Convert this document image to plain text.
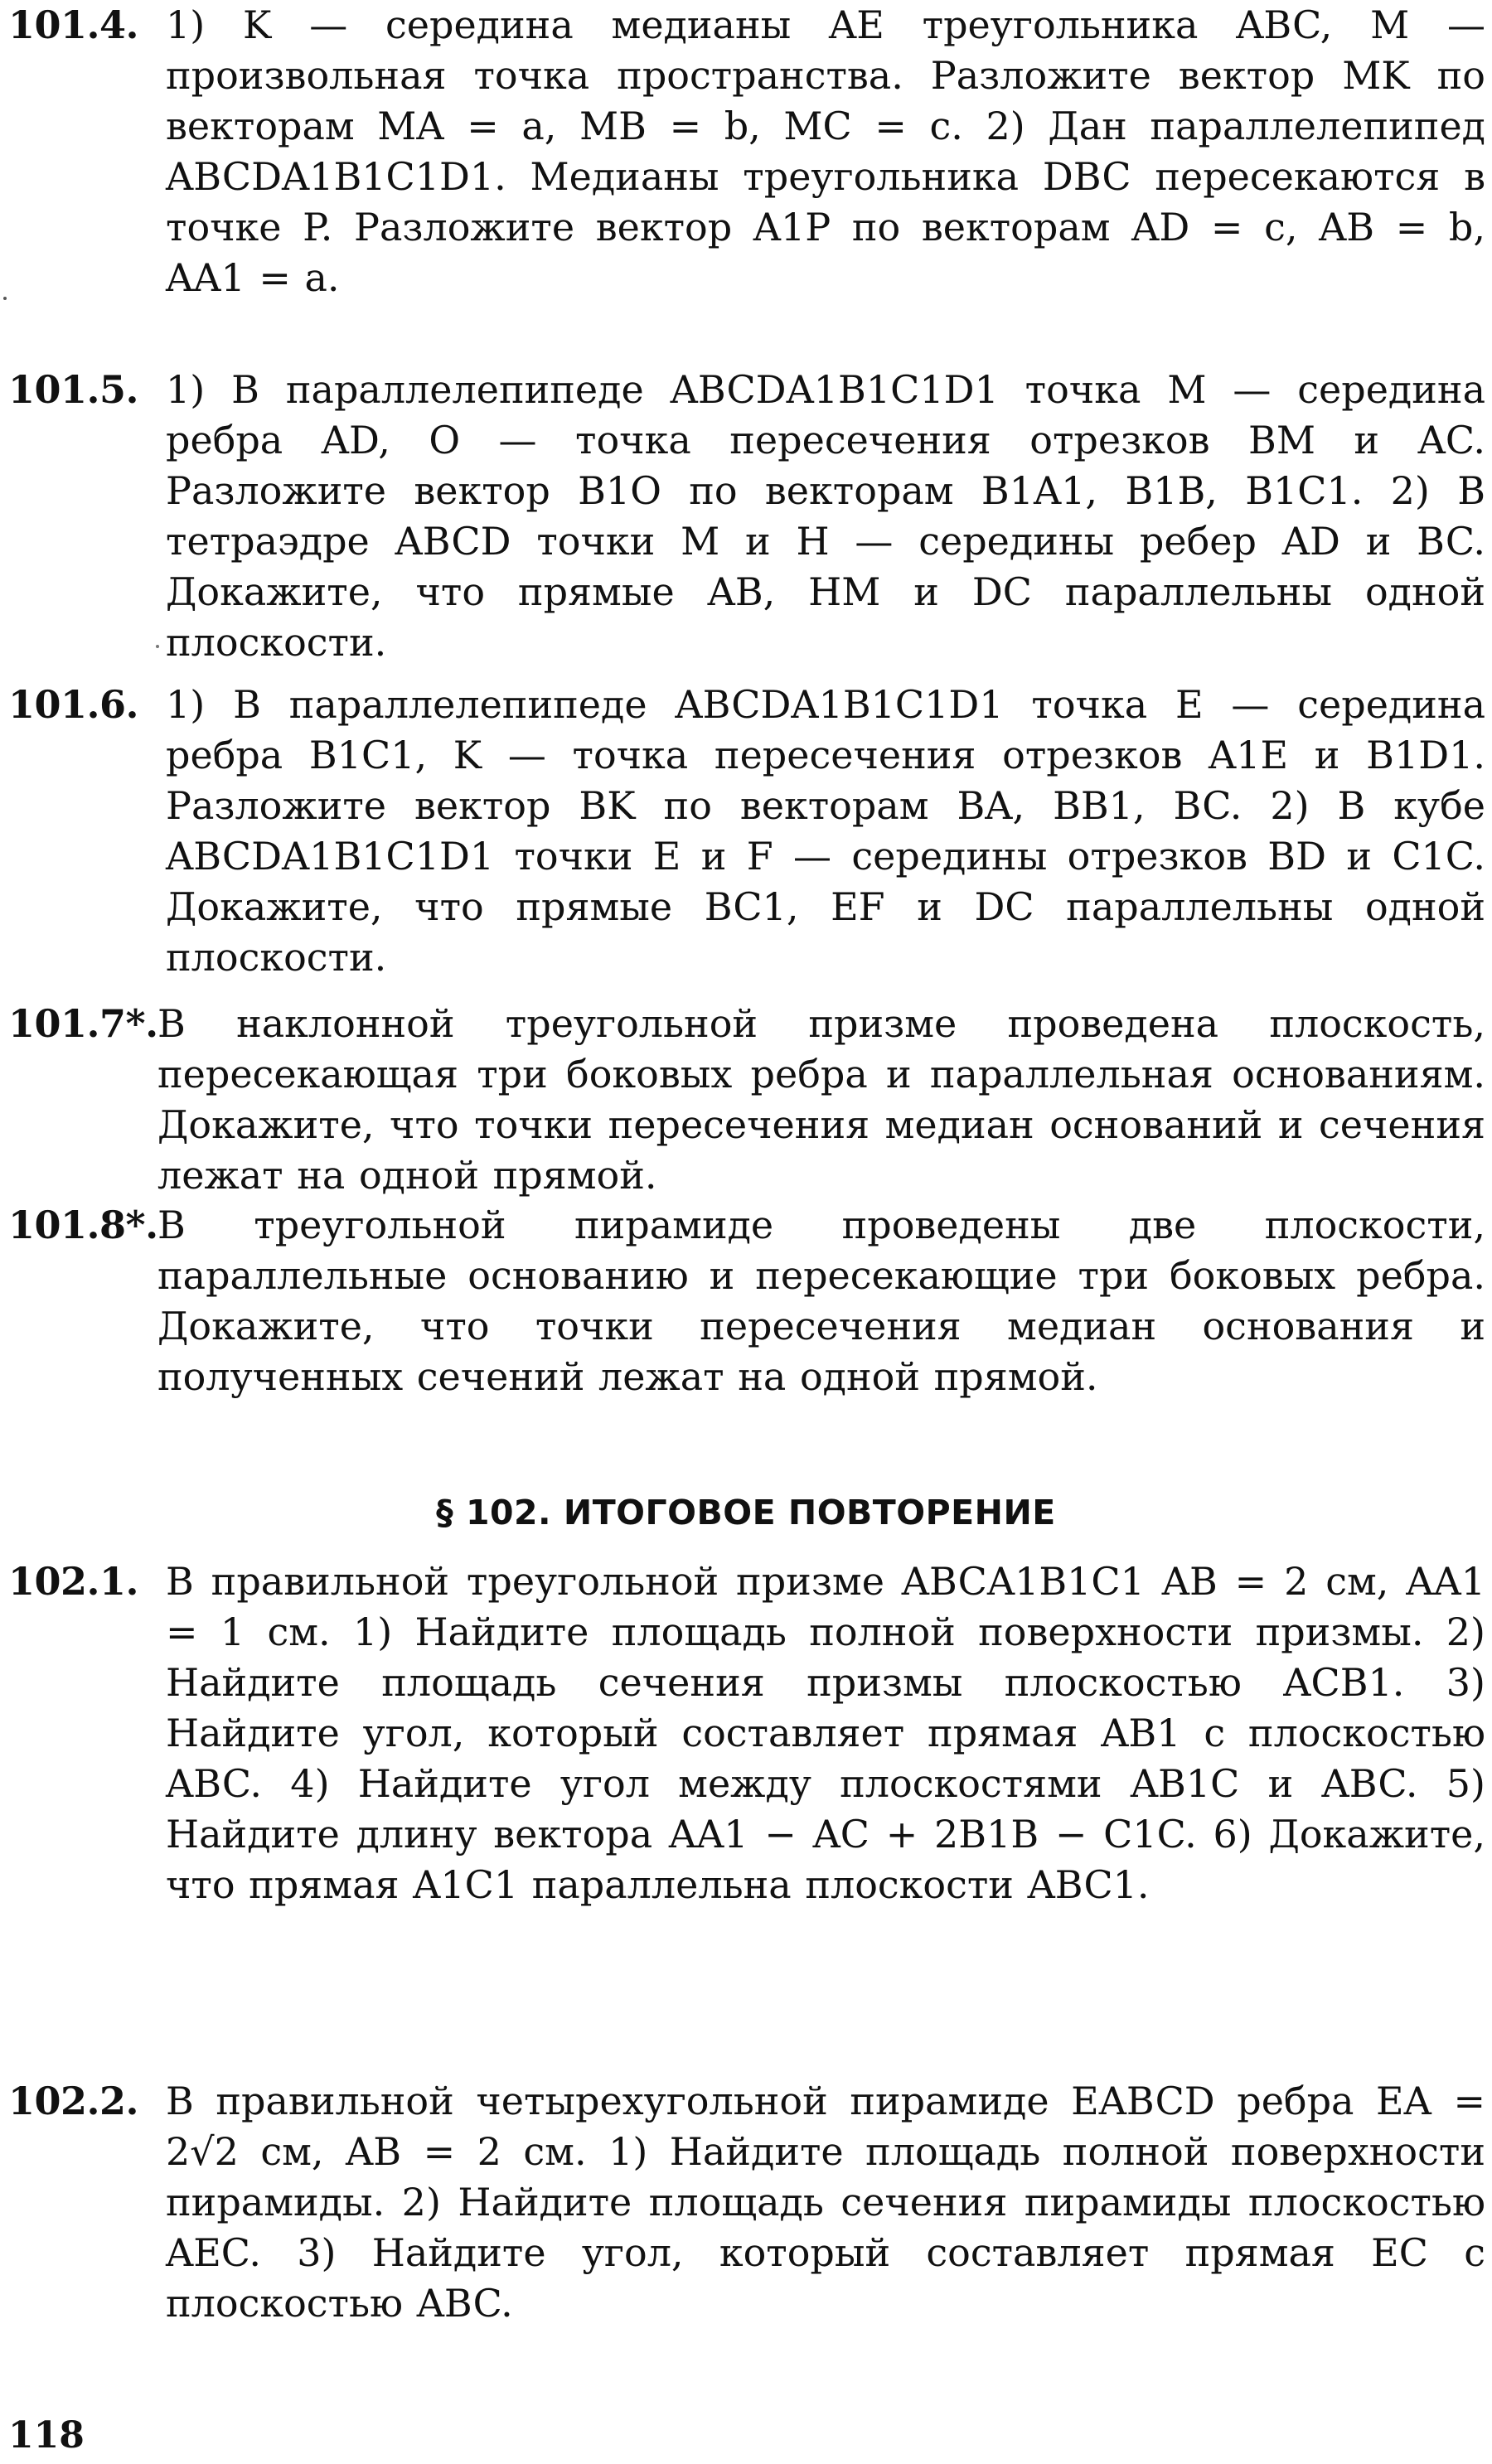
101.4. 1) K — середина медианы AE треугольника ABC, M — произвольная точка пространства. Разложите вектор MK по векторам MA = a, MB = b, MC = c. 2) Дан параллелепипед ABCDA1B1C1D1. Медианы треугольника DBC пересекаются в точке P. Разложите вектор A1P по векторам AD = c, AB = b, AA1 = a.
101.5. 1) В параллелепипеде ABCDA1B1C1D1 точка M — середина ребра AD, O — точка пересечения отрезков BM и AC. Разложите вектор B1O по векторам B1A1, B1B, B1C1. 2) В тетраэдре ABCD точки M и H — середины ребер AD и BC. Докажите, что прямые AB, HM и DC параллельны одной плоскости.
101.6. 1) В параллелепипеде ABCDA1B1C1D1 точка E — середина ребра B1C1, K — точка пересечения отрезков A1E и B1D1. Разложите вектор BK по векторам BA, BB1, BC. 2) В кубе ABCDA1B1C1D1 точки E и F — середины отрезков BD и C1C. Докажите, что прямые BC1, EF и DC параллельны одной плоскости.
101.7*. В наклонной треугольной призме проведена плоскость, пересекающая три боковых ребра и параллельная основаниям. Докажите, что точки пересечения медиан оснований и сечения лежат на одной прямой.
101.8*. В треугольной пирамиде проведены две плоскости, параллельные основанию и пересекающие три боковых ребра. Докажите, что точки пересечения медиан основания и полученных сечений лежат на одной прямой.
§ 102. ИТОГОВОЕ ПОВТОРЕНИЕ
102.1. В правильной треугольной призме ABCA1B1C1 AB = 2 см, AA1 = 1 см. 1) Найдите площадь полной поверхности призмы. 2) Найдите площадь сечения призмы плоскостью ACB1. 3) Найдите угол, который составляет прямая AB1 с плоскостью ABC. 4) Найдите угол между плоскостями AB1C и ABC. 5) Найдите длину вектора AA1 − AC + 2B1B − C1C. 6) Докажите, что прямая A1C1 параллельна плоскости ABC1.
102.2. В правильной четырехугольной пирамиде EABCD ребра EA = 2√2 см, AB = 2 см. 1) Найдите площадь полной поверхности пирамиды. 2) Найдите площадь сечения пирамиды плоскостью AEC. 3) Найдите угол, который составляет прямая EC с плоскостью ABC.
118
